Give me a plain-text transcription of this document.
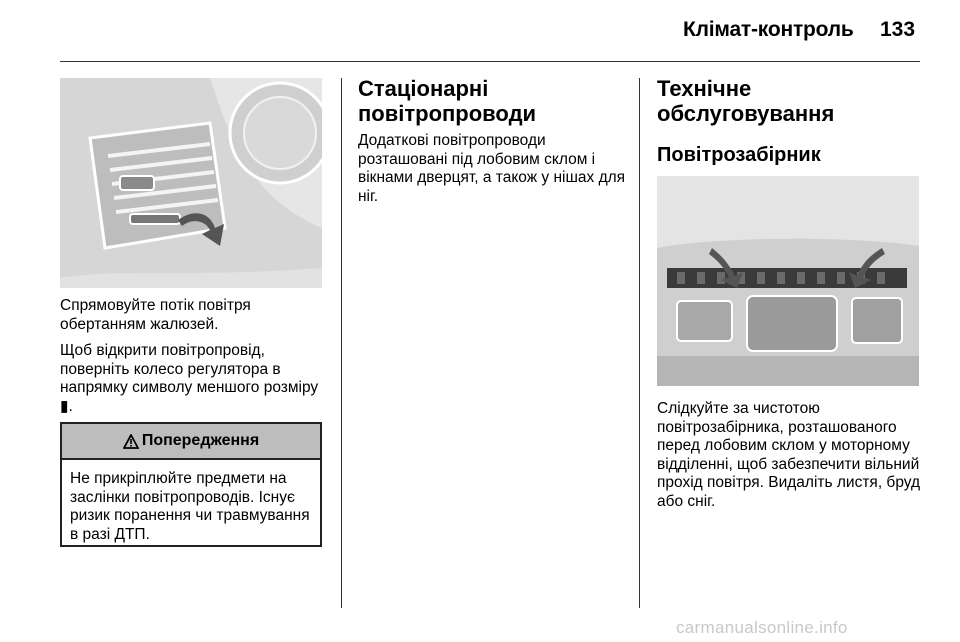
Клімат-контроль 133

Спрямовуйте потік повітря обертанням жалюзей.

Щоб відкрити повітропровід, поверніть колесо регулятора в напрямку символу меншого розміру ▮.

Попередження
Не прикріплюйте предмети на заслінки повітропроводів. Існує ризик поранення чи травмування в разі ДТП.
Стаціонарні повітропроводи

Додаткові повітропроводи розташовані під лобовим склом і вікнами дверцят, а також у нішах для ніг.

Технічне обслуговування
Повітрозабірник

Слідкуйте за чистотою повітрозабірника, розташованого перед лобовим склом у моторному відділенні, щоб забезпечити вільний прохід повітря. Видаліть листя, бруд або сніг.

carmanualsonline.info
